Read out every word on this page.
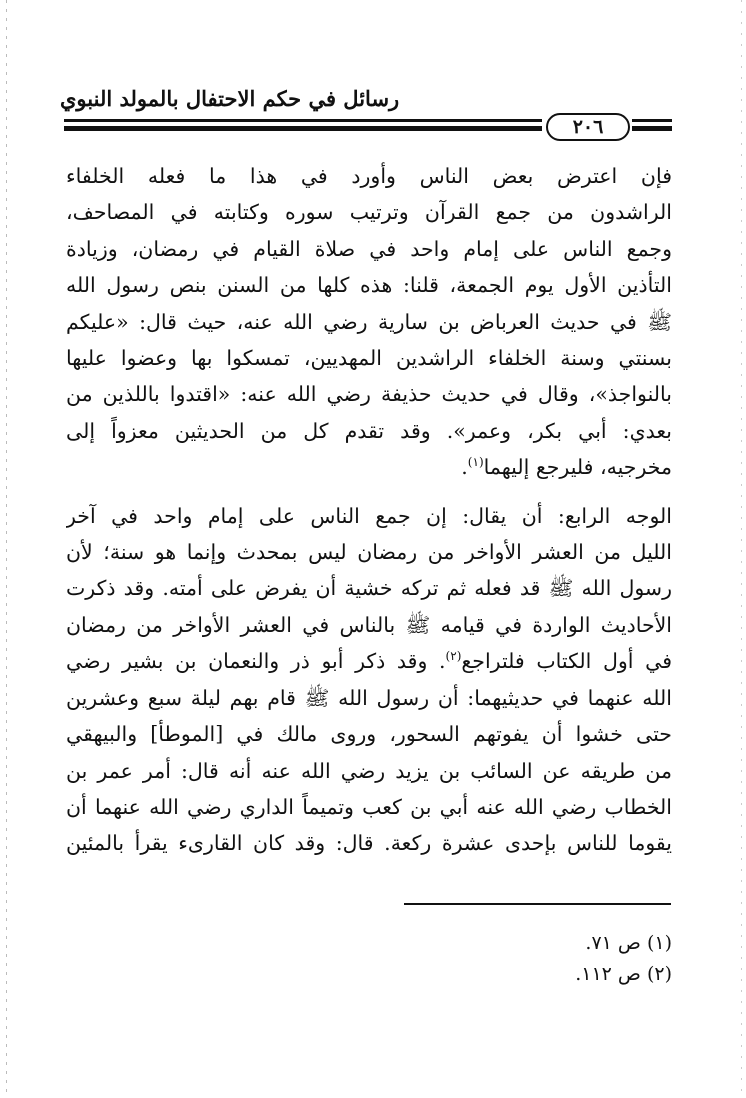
رسائل في حكم الاحتفال بالمولد النبوي
٢٠٦
فإن اعترض بعض الناس وأورد في هذا ما فعله الخلفاء
الراشدون من جمع القرآن وترتيب سوره وكتابته في المصاحف،
وجمع الناس على إمام واحد في صلاة القيام في رمضان، وزيادة
التأذين الأول يوم الجمعة، قلنا: هذه كلها من السنن بنص رسول الله
ﷺ في حديث العرباض بن سارية رضي الله عنه، حيث قال: «عليكم
بسنتي وسنة الخلفاء الراشدين المهديين، تمسكوا بها وعضوا عليها
بالنواجذ»، وقال في حديث حذيفة رضي الله عنه: «اقتدوا باللذين من
بعدي: أبي بكر، وعمر». وقد تقدم كل من الحديثين معزواً إلى
مخرجيه، فليرجع إليهما$^{(١)}$.
الوجه الرابع: أن يقال: إن جمع الناس على إمام واحد في آخر
الليل من العشر الأواخر من رمضان ليس بمحدث وإنما هو سنة؛ لأن
رسول الله ﷺ قد فعله ثم تركه خشية أن يفرض على أمته. وقد ذكرت
الأحاديث الواردة في قيامه ﷺ بالناس في العشر الأواخر من رمضان
في أول الكتاب فلتراجع$^{(٢)}$. وقد ذكر أبو ذر والنعمان بن بشير رضي
الله عنهما في حديثيهما: أن رسول الله ﷺ قام بهم ليلة سبع وعشرين
حتى خشوا أن يفوتهم السحور، وروى مالك في [الموطأ] والبيهقي
من طريقه عن السائب بن يزيد رضي الله عنه أنه قال: أمر عمر بن
الخطاب رضي الله عنه أبي بن كعب وتميماً الداري رضي الله عنهما أن
يقوما للناس بإحدى عشرة ركعة. قال: وقد كان القارىء يقرأ بالمئين
(١) ص ٧١.
(٢) ص ١١٢.
